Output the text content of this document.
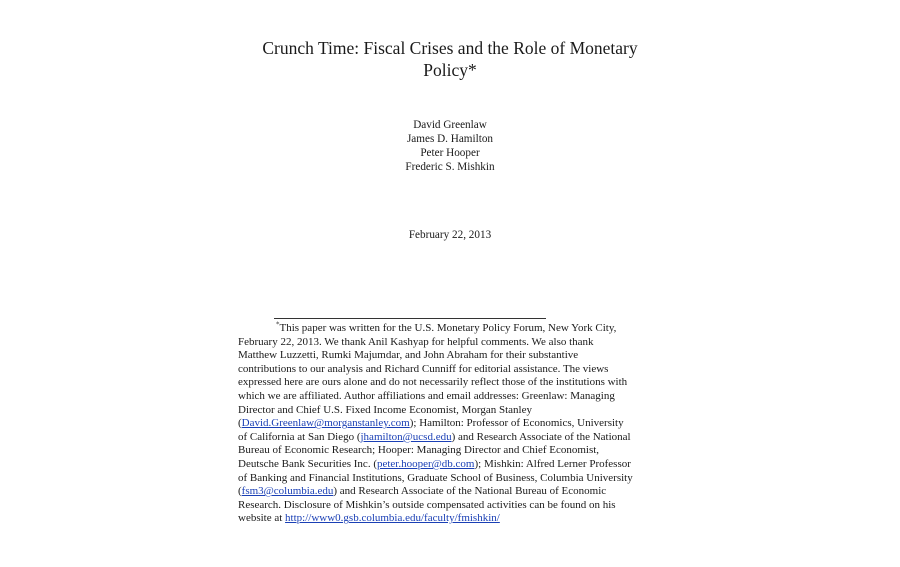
Crunch Time: Fiscal Crises and the Role of Monetary
Policy*
David Greenlaw
James D. Hamilton
Peter Hooper
Frederic S. Mishkin
February 22, 2013
*This paper was written for the U.S. Monetary Policy Forum, New York City,
February 22, 2013. We thank Anil Kashyap for helpful comments. We also thank
Matthew Luzzetti, Rumki Majumdar, and John Abraham for their substantive
contributions to our analysis and Richard Cunniff for editorial assistance. The views
expressed here are ours alone and do not necessarily reflect those of the institutions with
which we are affiliated. Author affiliations and email addresses: Greenlaw: Managing
Director and Chief U.S. Fixed Income Economist, Morgan Stanley
(David.Greenlaw@morganstanley.com); Hamilton: Professor of Economics, University
of California at San Diego (jhamilton@ucsd.edu) and Research Associate of the National
Bureau of Economic Research; Hooper: Managing Director and Chief Economist,
Deutsche Bank Securities Inc. (peter.hooper@db.com); Mishkin: Alfred Lerner Professor
of Banking and Financial Institutions, Graduate School of Business, Columbia University
(fsm3@columbia.edu) and Research Associate of the National Bureau of Economic
Research. Disclosure of Mishkin’s outside compensated activities can be found on his
website at http://www0.gsb.columbia.edu/faculty/fmishkin/
